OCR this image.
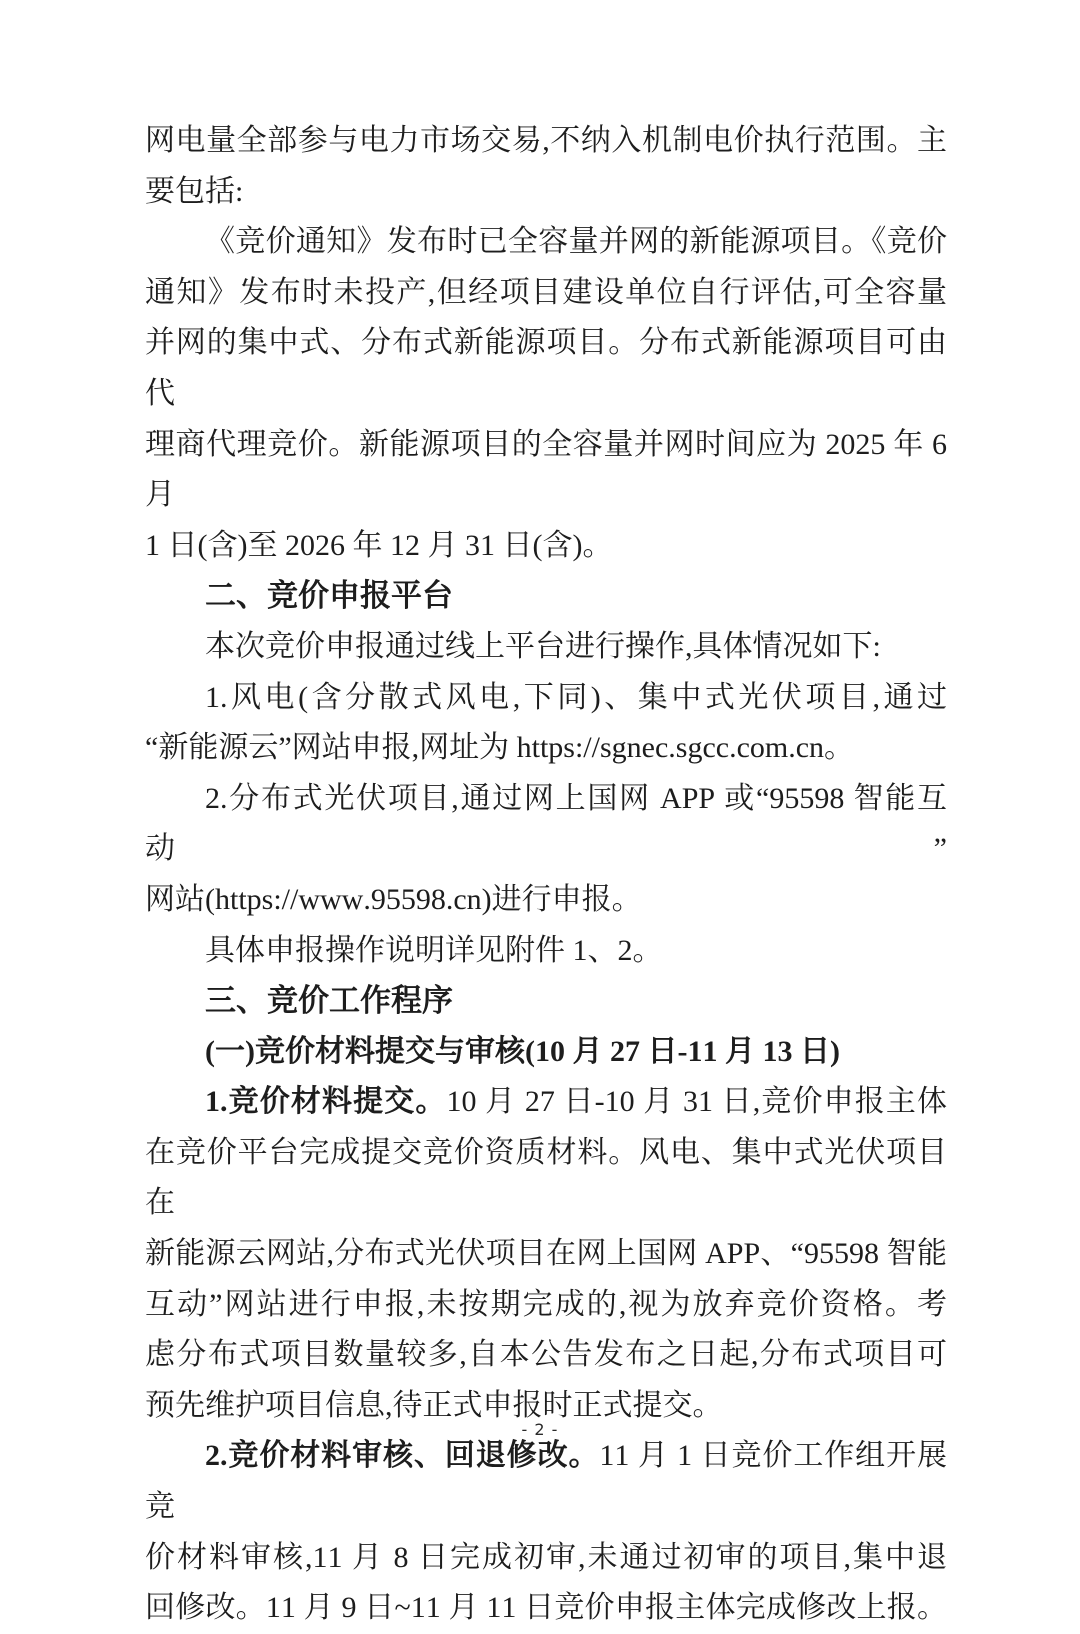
网电量全部参与电力市场交易,不纳入机制电价执行范围。主

要包括:

《竞价通知》发布时已全容量并网的新能源项目。《竞价

通知》发布时未投产,但经项目建设单位自行评估,可全容量

并网的集中式、分布式新能源项目。分布式新能源项目可由代

理商代理竞价。新能源项目的全容量并网时间应为 2025 年 6 月

1 日(含)至 2026 年 12 月 31 日(含)。

二、竞价申报平台

本次竞价申报通过线上平台进行操作,具体情况如下:

1.风电(含分散式风电,下同)、集中式光伏项目,通过

“新能源云”网站申报,网址为 https://sgnec.sgcc.com.cn。

2.分布式光伏项目,通过网上国网 APP 或“95598 智能互动”

网站(https://www.95598.cn)进行申报。

具体申报操作说明详见附件 1、2。

三、竞价工作程序

(一)竞价材料提交与审核(10 月 27 日-11 月 13 日)

1.竞价材料提交。10 月 27 日-10 月 31 日,竞价申报主体

在竞价平台完成提交竞价资质材料。风电、集中式光伏项目在

新能源云网站,分布式光伏项目在网上国网 APP、“95598 智能

互动”网站进行申报,未按期完成的,视为放弃竞价资格。考

虑分布式项目数量较多,自本公告发布之日起,分布式项目可

预先维护项目信息,待正式申报时正式提交。

2.竞价材料审核、回退修改。11 月 1 日竞价工作组开展竞

价材料审核,11 月 8 日完成初审,未通过初审的项目,集中退

回修改。11 月 9 日~11 月 11 日竞价申报主体完成修改上报。

- 2 -
